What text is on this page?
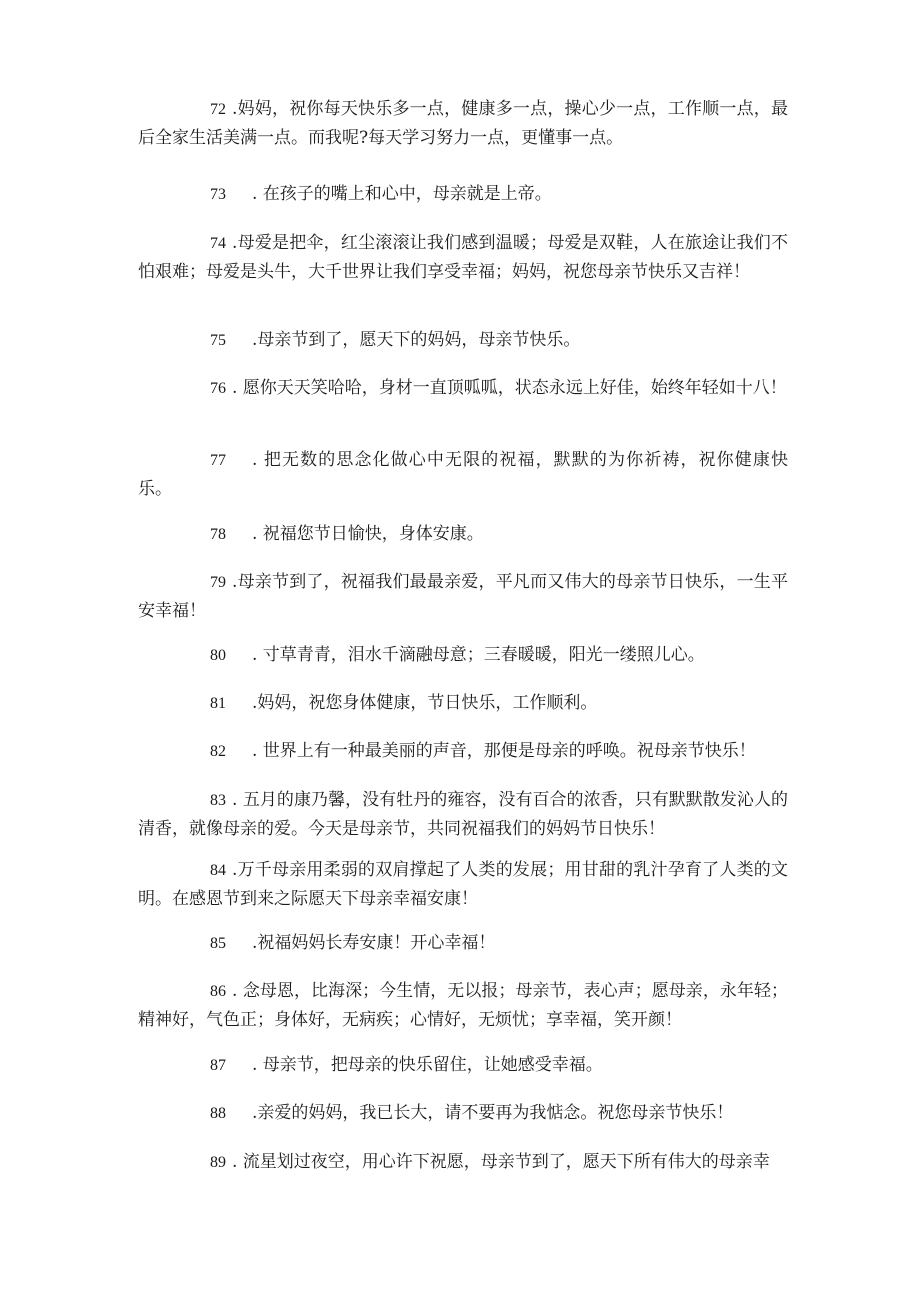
72 .妈妈，祝你每天快乐多一点，健康多一点，操心少一点，工作顺一点，最后全家生活美满一点。而我呢?每天学习努力一点，更懂事一点。

73 . 在孩子的嘴上和心中，母亲就是上帝。

74 .母爱是把伞，红尘滚滚让我们感到温暖；母爱是双鞋，人在旅途让我们不怕艰难；母爱是头牛，大千世界让我们享受幸福；妈妈，祝您母亲节快乐又吉祥！

75 .母亲节到了，愿天下的妈妈，母亲节快乐。

76 . 愿你天天笑哈哈，身材一直顶呱呱，状态永远上好佳，始终年轻如十八！

77 . 把无数的思念化做心中无限的祝福，默默的为你祈祷，祝你健康快乐。

78 . 祝福您节日愉快，身体安康。

79 .母亲节到了，祝福我们最最亲爱，平凡而又伟大的母亲节日快乐，一生平安幸福！

80 . 寸草青青，泪水千滴融母意；三春暖暖，阳光一缕照儿心。

81 .妈妈，祝您身体健康，节日快乐，工作顺利。

82 . 世界上有一种最美丽的声音，那便是母亲的呼唤。祝母亲节快乐！

83 . 五月的康乃馨，没有牡丹的雍容，没有百合的浓香，只有默默散发沁人的清香，就像母亲的爱。今天是母亲节，共同祝福我们的妈妈节日快乐！

84 .万千母亲用柔弱的双肩撑起了人类的发展；用甘甜的乳汁孕育了人类的文明。在感恩节到来之际愿天下母亲幸福安康！

85 .祝福妈妈长寿安康！开心幸福！

86 . 念母恩，比海深；今生情，无以报；母亲节，表心声；愿母亲，永年轻；精神好，气色正；身体好，无病疾；心情好，无烦忧；享幸福，笑开颜！

87 . 母亲节，把母亲的快乐留住，让她感受幸福。

88 .亲爱的妈妈，我已长大，请不要再为我惦念。祝您母亲节快乐！

89 . 流星划过夜空，用心许下祝愿，母亲节到了，愿天下所有伟大的母亲幸
